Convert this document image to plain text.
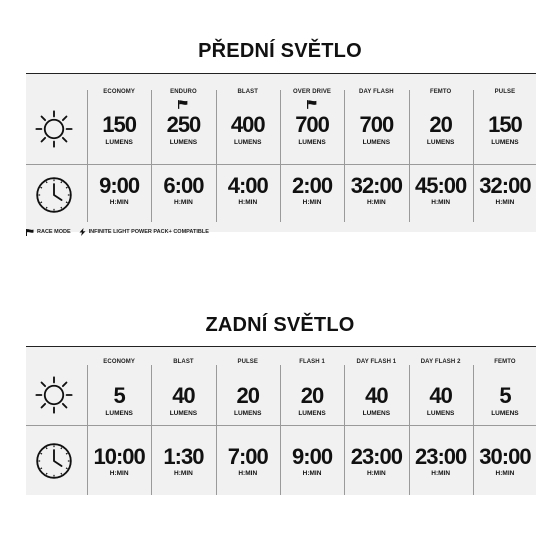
PŘEDNÍ SVĚTLO
ECONOMY
150
LUMENS
9:00
H:MIN
ENDURO
250
LUMENS
6:00
H:MIN
BLAST
400
LUMENS
4:00
H:MIN
OVER DRIVE
700
LUMENS
2:00
H:MIN
DAY FLASH
700
LUMENS
32:00
H:MIN
FEMTO
20
LUMENS
45:00
H:MIN
PULSE
150
LUMENS
32:00
H:MIN
RACE MODE	INFINITE LIGHT POWER PACK+ COMPATIBLE
ZADNÍ SVĚTLO
ECONOMY
5
LUMENS
10:00
H:MIN
BLAST
40
LUMENS
1:30
H:MIN
PULSE
20
LUMENS
7:00
H:MIN
FLASH 1
20
LUMENS
9:00
H:MIN
DAY FLASH 1
40
LUMENS
23:00
H:MIN
DAY FLASH 2
40
LUMENS
23:00
H:MIN
FEMTO
5
LUMENS
30:00
H:MIN
